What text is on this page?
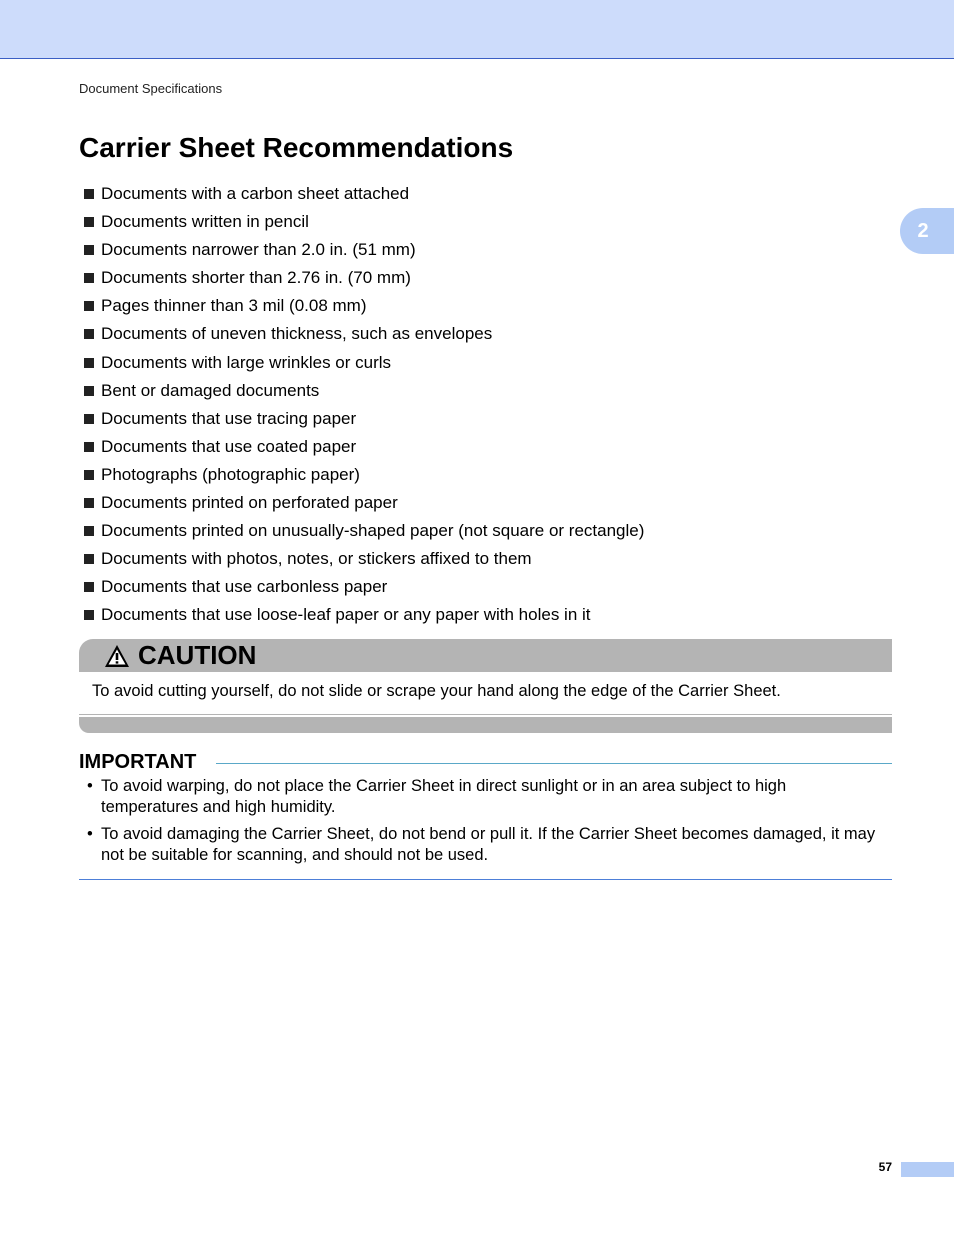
Document Specifications
2
Carrier Sheet Recommendations
Documents with a carbon sheet attached
Documents written in pencil
Documents narrower than 2.0 in. (51 mm)
Documents shorter than 2.76 in. (70 mm)
Pages thinner than 3 mil (0.08 mm)
Documents of uneven thickness, such as envelopes
Documents with large wrinkles or curls
Bent or damaged documents
Documents that use tracing paper
Documents that use coated paper
Photographs (photographic paper)
Documents printed on perforated paper
Documents printed on unusually-shaped paper (not square or rectangle)
Documents with photos, notes, or stickers affixed to them
Documents that use carbonless paper
Documents that use loose-leaf paper or any paper with holes in it
CAUTION
To avoid cutting yourself, do not slide or scrape your hand along the edge of the Carrier Sheet.
IMPORTANT
• To avoid warping, do not place the Carrier Sheet in direct sunlight or in an area subject to high temperatures and high humidity.
• To avoid damaging the Carrier Sheet, do not bend or pull it. If the Carrier Sheet becomes damaged, it may not be suitable for scanning, and should not be used.
57
